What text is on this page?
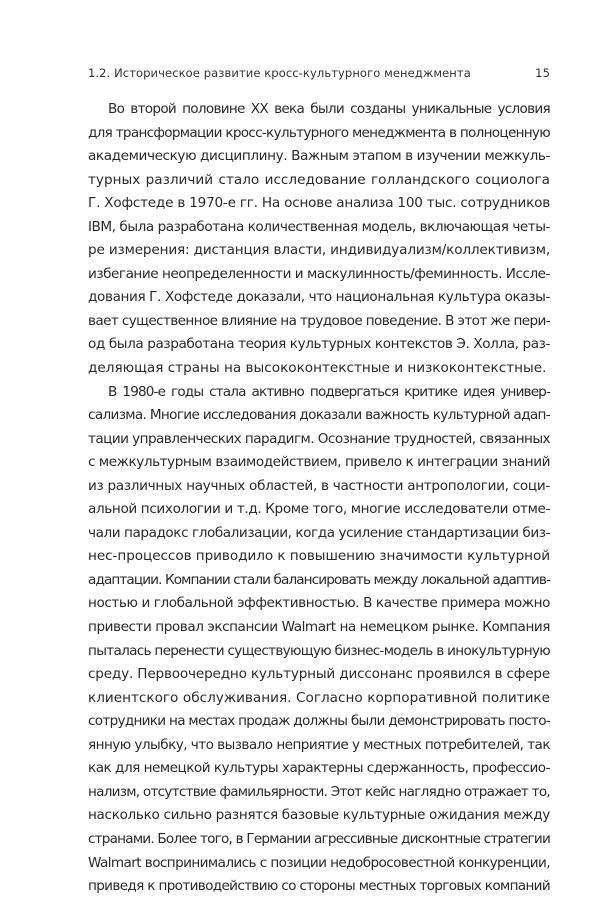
1.2. Историческое развитие кросс-культурного менеджмента	15
Во второй половине XX века были созданы уникальные условия
для трансформации кросс-культурного менеджмента в полноценную
академическую дисциплину. Важным этапом в изучении межкуль-
турных различий стало исследование голландского социолога
Г. Хофстеде в 1970-е гг. На основе анализа 100 тыс. сотрудников
IBM, была разработана количественная модель, включающая четы-
ре измерения: дистанция власти, индивидуализм/коллективизм,
избегание неопределенности и маскулинность/феминность. Иссле-
дования Г. Хофстеде доказали, что национальная культура оказы-
вает существенное влияние на трудовое поведение. В этот же пери-
од была разработана теория культурных контекстов Э. Холла, раз-
деляющая страны на высококонтекстные и низкоконтекстные.
В 1980-е годы стала активно подвергаться критике идея универ-
сализма. Многие исследования доказали важность культурной адап-
тации управленческих парадигм. Осознание трудностей, связанных
с межкультурным взаимодействием, привело к интеграции знаний
из различных научных областей, в частности антропологии, соци-
альной психологии и т.д. Кроме того, многие исследователи отме-
чали парадокс глобализации, когда усиление стандартизации биз-
нес-процессов приводило к повышению значимости культурной
адаптации. Компании стали балансировать между локальной адаптив-
ностью и глобальной эффективностью. В качестве примера можно
привести провал экспансии Walmart на немецком рынке. Компания
пыталась перенести существующую бизнес-модель в инокультурную
среду. Первоочередно культурный диссонанс проявился в сфере
клиентского обслуживания. Согласно корпоративной политике
сотрудники на местах продаж должны были демонстрировать посто-
янную улыбку, что вызвало неприятие у местных потребителей, так
как для немецкой культуры характерны сдержанность, профессио-
нализм, отсутствие фамильярности. Этот кейс наглядно отражает то,
насколько сильно разнятся базовые культурные ожидания между
странами. Более того, в Германии агрессивные дисконтные стратегии
Walmart воспринимались с позиции недобросовестной конкуренции,
приведя к противодействию со стороны местных торговых компаний
